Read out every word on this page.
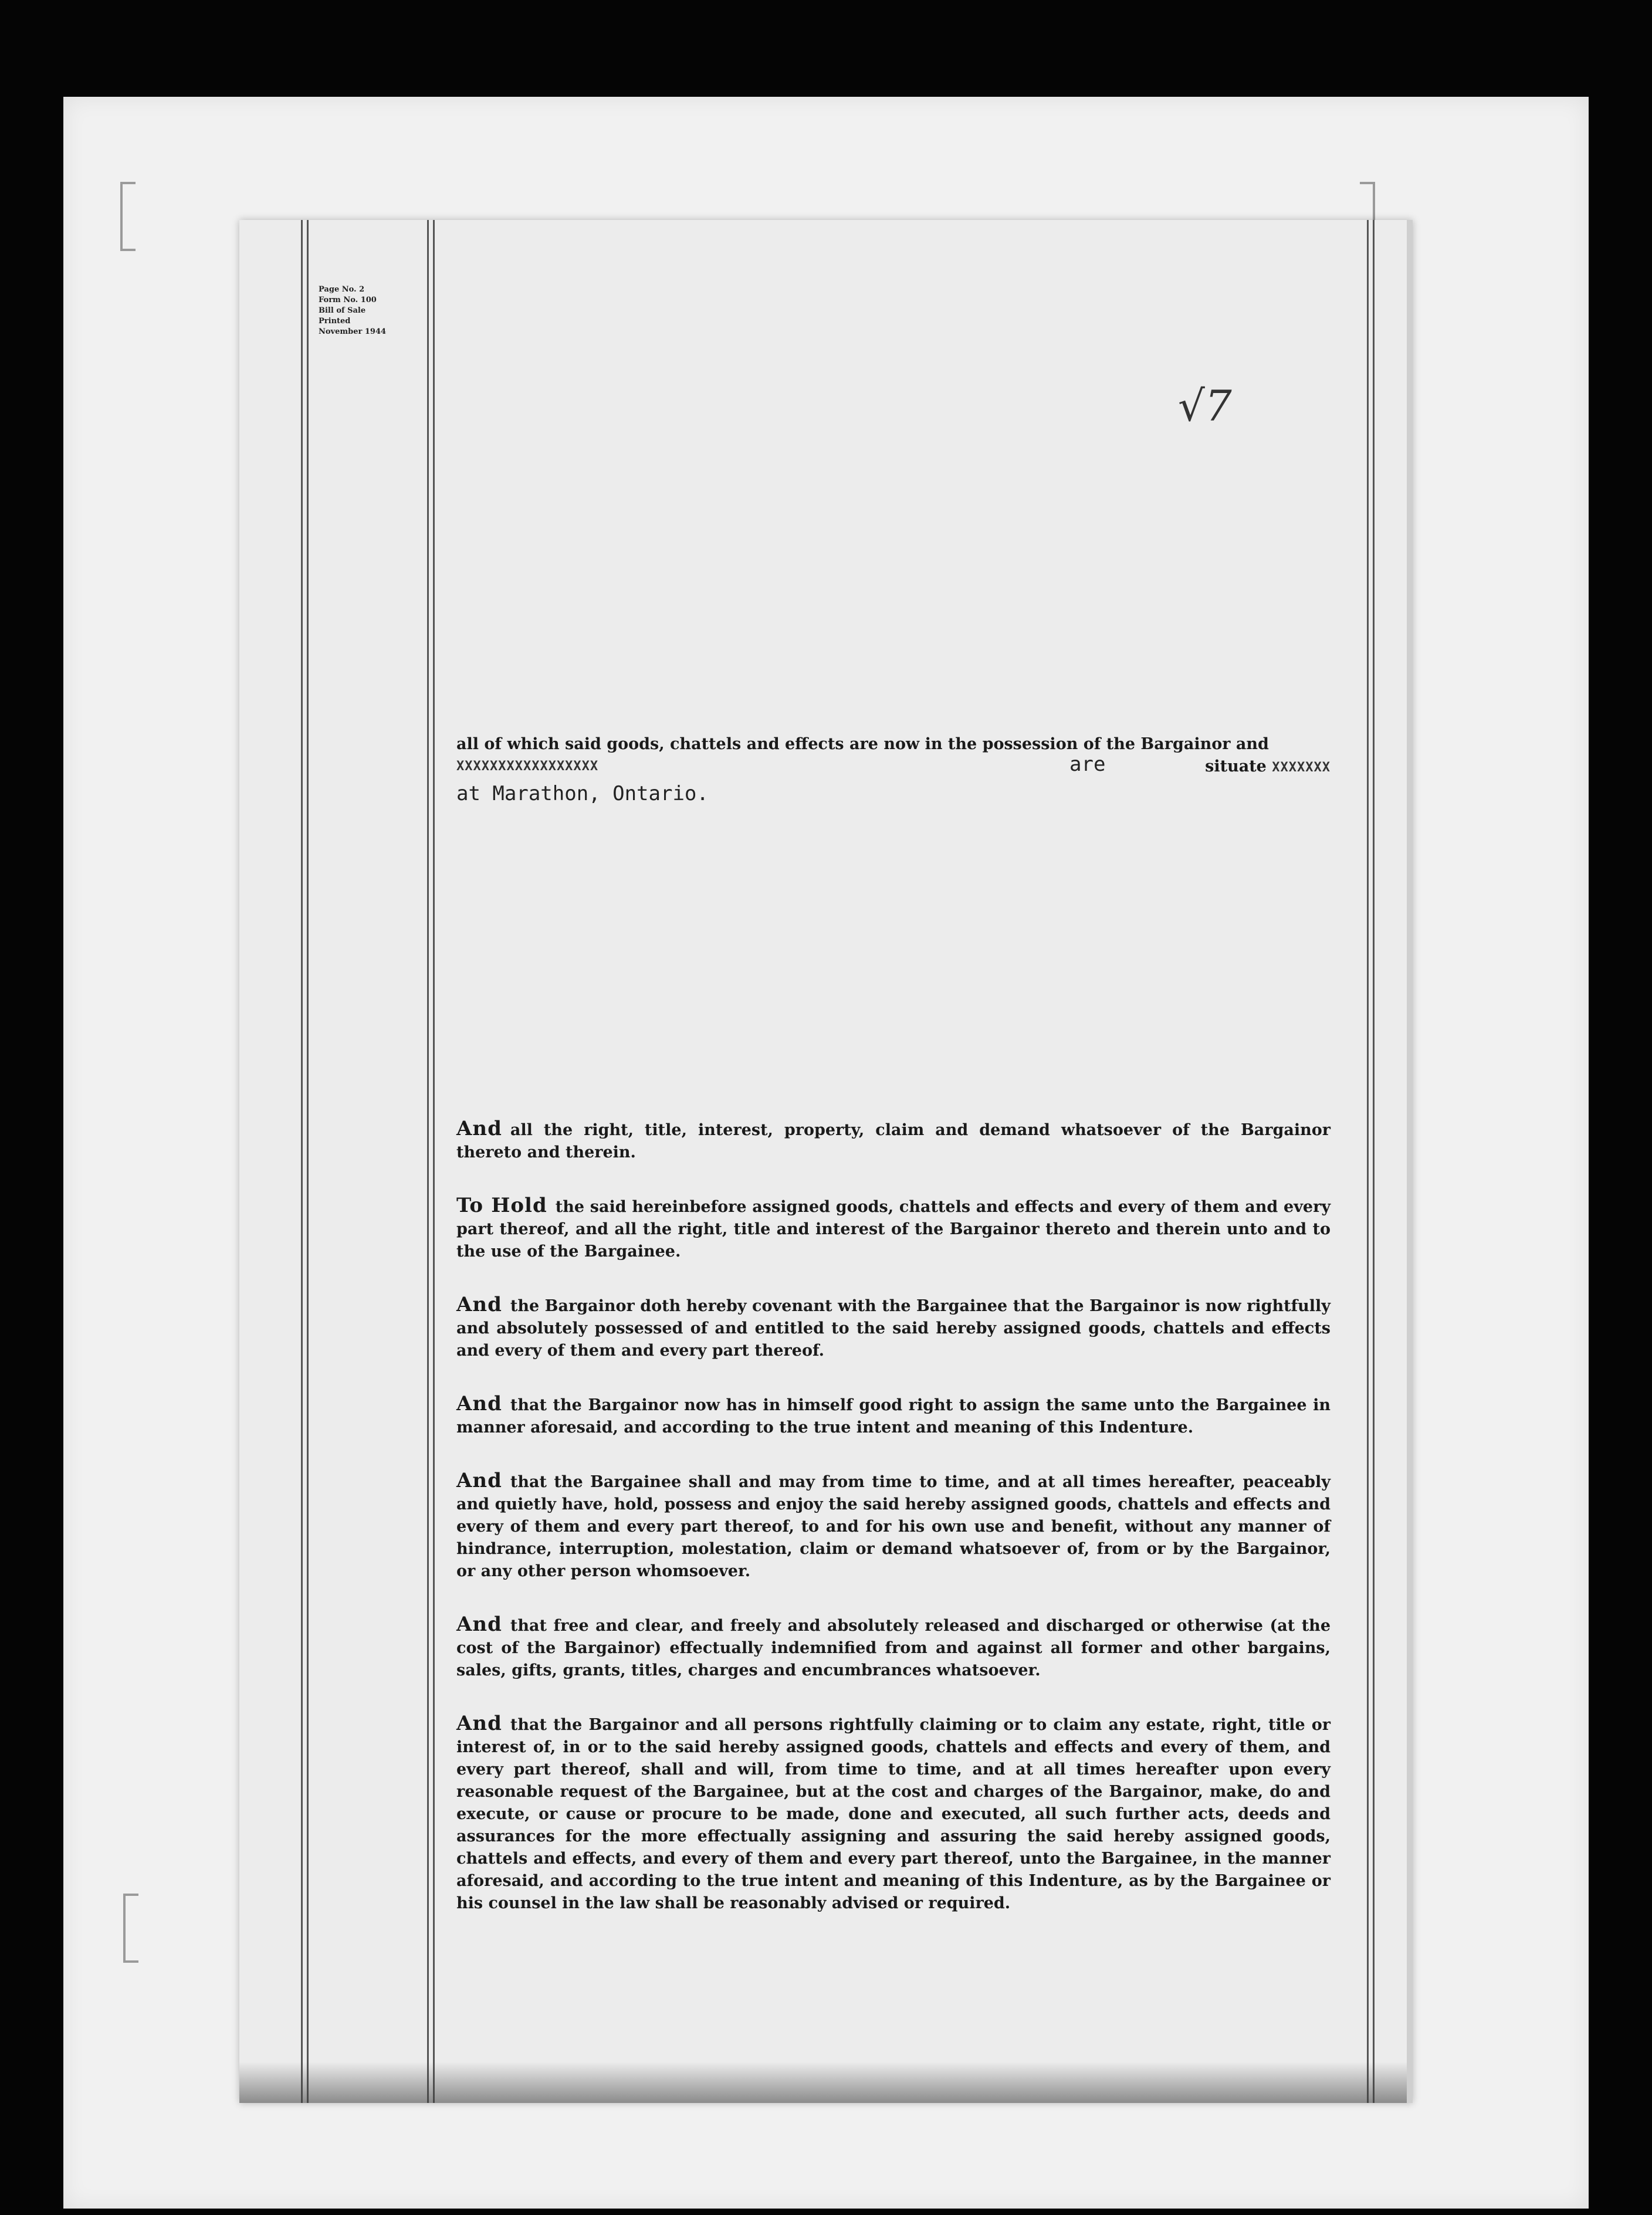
Page No. 2
Form No. 100
Bill of Sale
Printed
November 1944
√7
all of which said goods, chattels and effects are now in the possession of the Bargainor and
XXXXXXXXXXXXXXXXX	are	situate XXXXXXX
at Marathon, Ontario.
And all the right, title, interest, property, claim and demand whatsoever of the Bargainor thereto and therein.
To Hold the said hereinbefore assigned goods, chattels and effects and every of them and every part thereof, and all the right, title and interest of the Bargainor thereto and therein unto and to the use of the Bargainee.
And the Bargainor doth hereby covenant with the Bargainee that the Bargainor is now rightfully and absolutely possessed of and entitled to the said hereby assigned goods, chattels and effects and every of them and every part thereof.
And that the Bargainor now has in himself good right to assign the same unto the Bargainee in manner aforesaid, and according to the true intent and meaning of this Indenture.
And that the Bargainee shall and may from time to time, and at all times hereafter, peaceably and quietly have, hold, possess and enjoy the said hereby assigned goods, chattels and effects and every of them and every part thereof, to and for his own use and benefit, without any manner of hindrance, interruption, molestation, claim or demand whatsoever of, from or by the Bargainor, or any other person whomsoever.
And that free and clear, and freely and absolutely released and discharged or otherwise (at the cost of the Bargainor) effectually indemnified from and against all former and other bargains, sales, gifts, grants, titles, charges and encumbrances whatsoever.
And that the Bargainor and all persons rightfully claiming or to claim any estate, right, title or interest of, in or to the said hereby assigned goods, chattels and effects and every of them, and every part thereof, shall and will, from time to time, and at all times hereafter upon every reasonable request of the Bargainee, but at the cost and charges of the Bargainor, make, do and execute, or cause or procure to be made, done and executed, all such further acts, deeds and assurances for the more effectually assigning and assuring the said hereby assigned goods, chattels and effects, and every of them and every part thereof, unto the Bargainee, in the manner aforesaid, and according to the true intent and meaning of this Indenture, as by the Bargainee or his counsel in the law shall be reasonably advised or required.
